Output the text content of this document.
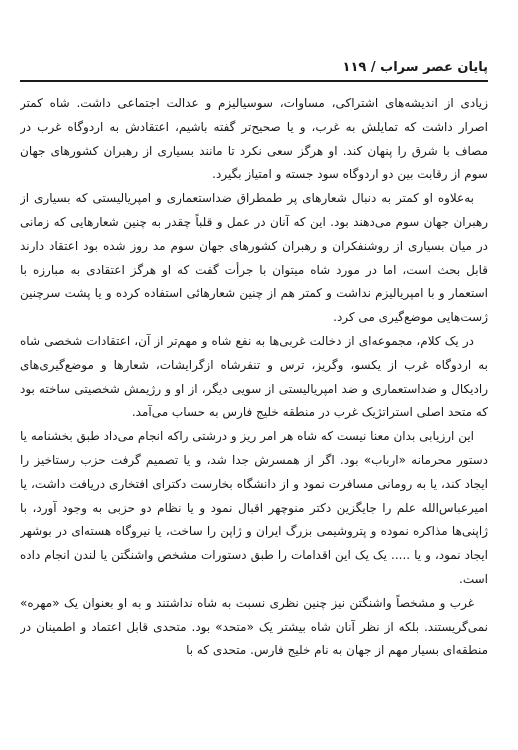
پایان عصر سراب / ۱۱۹

زیادی از اندیشه‌های اشتراکی، مساوات، سوسیالیزم و عدالت اجتماعی داشت. شاه کمتر اصرار داشت که تمایلش به غرب، و یا صحیح‌تر گفته باشیم، اعتقادش به اردوگاه غرب در مصاف با شرق را پنهان کند. او هرگز سعی نکرد تا مانند بسیاری از رهبران کشورهای جهان سوم از رقابت بین دو اردوگاه سود جسته و امتیاز بگیرد.

به‌علاوه او کمتر به دنبال شعارهای پر طمطراق ضداستعماری و امپریالیستی که بسیاری از رهبران جهان سوم می‌دهند بود. این که آنان در عمل و قلباً چقدر به چنین شعارهایی که زمانی در میان بسیاری از روشنفکران و رهبران کشورهای جهان سوم مد روز شده بود اعتقاد دارند قابل بحث است، اما در مورد شاه میتوان با جرأت گفت که او هرگز اعتقادی به مبارزه با استعمار و با امپریالیزم نداشت و کمتر هم از چنین شعارهائی استفاده کرده و یا پشت سرچنین ژست‌هایی موضع‌گیری می کرد.

در یک کلام، مجموعه‌ای از دخالت غربی‌ها به نفع شاه و مهم‌تر از آن، اعتقادات شخصی شاه به اردوگاه غرب از یکسو، وگریز، ترس و تنفرشاه ازگرایشات، شعارها و موضع‌گیری‌های رادیکال و ضداستعماری و ضد امپریالیستی از سویی دیگر، از او و رژیمش شخصیتی ساخته بود که متحد اصلی استراتژیک غرب در منطقه خلیج فارس به حساب می‌آمد.

این ارزیابی بدان معنا نیست که شاه هر امر ریز و درشتی راکه انجام می‌داد طبق بخشنامه یا دستور محرمانه «ارباب» بود. اگر از همسرش جدا شد، و یا تصمیم گرفت حزب رستاخیز را ایجاد کند، یا به رومانی مسافرت نمود و از دانشگاه بخارست دکترای افتخاری دریافت داشت، یا امیرعباس‌الله علم را جایگزین دکتر منوچهر اقبال نمود و یا نظام دو حزبی به وجود آورد، با ژاپنی‌ها مذاکره نموده و پتروشیمی بزرگ ایران و ژاپن را ساخت، یا نیروگاه هسته‌ای در بوشهر ایجاد نمود، و یا ..... یک یک این اقدامات را طبق دستورات مشخص واشنگتن یا لندن انجام داده است.

غرب و مشخصاً واشنگتن نیز چنین نظری نسبت به شاه نداشتند و به او بعنوان یک «مهره» نمی‌گریستند. بلکه از نظر آنان شاه بیشتر یک «متحد» بود. متحدی قابل اعتماد و اطمینان در منطقه‌ای بسیار مهم از جهان به نام خلیج فارس. متحدی که با
